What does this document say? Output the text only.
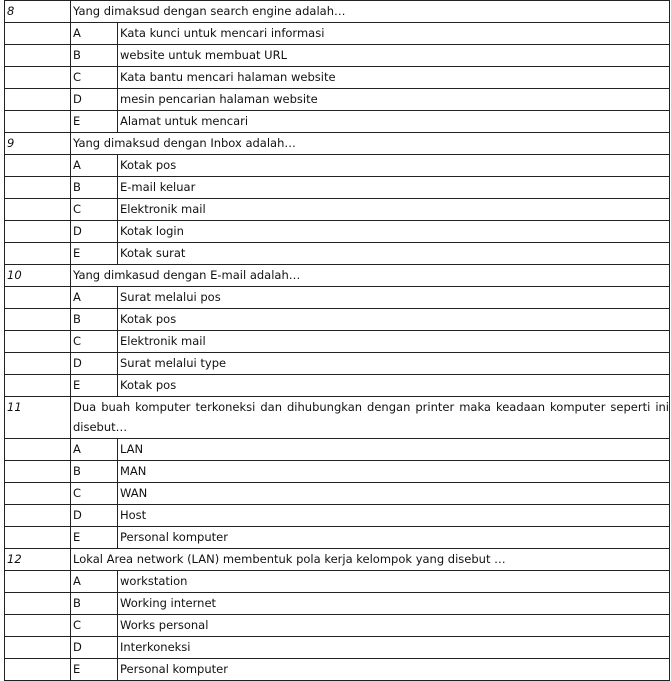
8	Yang dimaksud dengan search engine adalah…	
	A	Kata kunci untuk mencari informasi
	B	website untuk membuat URL
	C	Kata bantu mencari halaman website
	D	mesin pencarian halaman website
	E	Alamat untuk mencari
9	Yang dimaksud dengan Inbox adalah…	
	A	Kotak pos
	B	E-mail keluar
	C	Elektronik mail
	D	Kotak login
	E	Kotak surat
10	Yang dimkasud dengan E-mail adalah…	
	A	Surat melalui pos
	B	Kotak pos
	C	Elektronik mail
	D	Surat melalui type
	E	Kotak pos
11	Dua buah komputer terkoneksi dan dihubungkan dengan printer maka keadaan komputer seperti ini disebut…	
	A	LAN
	B	MAN
	C	WAN
	D	Host
	E	Personal komputer
12	Lokal Area network (LAN) membentuk pola kerja kelompok yang disebut …	
	A	workstation
	B	Working internet
	C	Works personal
	D	Interkoneksi
	E	Personal komputer
